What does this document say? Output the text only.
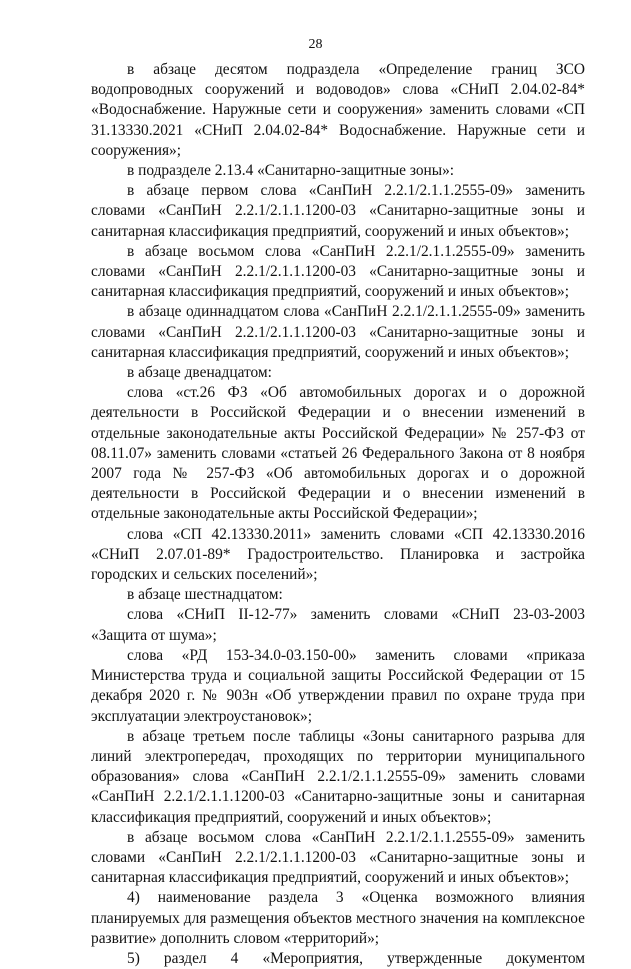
28

в абзаце десятом подраздела «Определение границ ЗСО водопроводных сооружений и водоводов» слова «СНиП 2.04.02-84* «Водоснабжение. Наружные сети и сооружения» заменить словами «СП 31.13330.2021 «СНиП 2.04.02-84* Водоснабжение. Наружные сети и сооружения»;

в подразделе 2.13.4 «Санитарно-защитные зоны»:

в абзаце первом слова «СанПиН 2.2.1/2.1.1.2555-09» заменить словами «СанПиН 2.2.1/2.1.1.1200-03 «Санитарно-защитные зоны и санитарная классификация предприятий, сооружений и иных объектов»;

в абзаце восьмом слова «СанПиН 2.2.1/2.1.1.2555-09» заменить словами «СанПиН 2.2.1/2.1.1.1200-03 «Санитарно-защитные зоны и санитарная классификация предприятий, сооружений и иных объектов»;

в абзаце одиннадцатом слова «СанПиН 2.2.1/2.1.1.2555-09» заменить словами «СанПиН 2.2.1/2.1.1.1200-03 «Санитарно-защитные зоны и санитарная классификация предприятий, сооружений и иных объектов»;

в абзаце двенадцатом:

слова «ст.26 ФЗ «Об автомобильных дорогах и о дорожной деятельности в Российской Федерации и о внесении изменений в отдельные законодательные акты Российской Федерации» № 257-ФЗ от 08.11.07» заменить словами «статьей 26 Федерального Закона от 8 ноября 2007 года № 257-ФЗ «Об автомобильных дорогах и о дорожной деятельности в Российской Федерации и о внесении изменений в отдельные законодательные акты Российской Федерации»;

слова «СП 42.13330.2011» заменить словами «СП 42.13330.2016 «СНиП 2.07.01-89* Градостроительство. Планировка и застройка городских и сельских поселений»;

в абзаце шестнадцатом:

слова «СНиП II-12-77» заменить словами «СНиП 23-03-2003 «Защита от шума»;

слова «РД 153-34.0-03.150-00» заменить словами «приказа Министерства труда и социальной защиты Российской Федерации от 15 декабря 2020 г. № 903н «Об утверждении правил по охране труда при эксплуатации электроустановок»;

в абзаце третьем после таблицы «Зоны санитарного разрыва для линий электропередач, проходящих по территории муниципального образования» слова «СанПиН 2.2.1/2.1.1.2555-09» заменить словами «СанПиН 2.2.1/2.1.1.1200-03 «Санитарно-защитные зоны и санитарная классификация предприятий, сооружений и иных объектов»;

в абзаце восьмом слова «СанПиН 2.2.1/2.1.1.2555-09» заменить словами «СанПиН 2.2.1/2.1.1.1200-03 «Санитарно-защитные зоны и санитарная классификация предприятий, сооружений и иных объектов»;

4) наименование раздела 3 «Оценка возможного влияния планируемых для размещения объектов местного значения на комплексное развитие» дополнить словом «территорий»;

5) раздел 4 «Мероприятия, утвержденные документом
